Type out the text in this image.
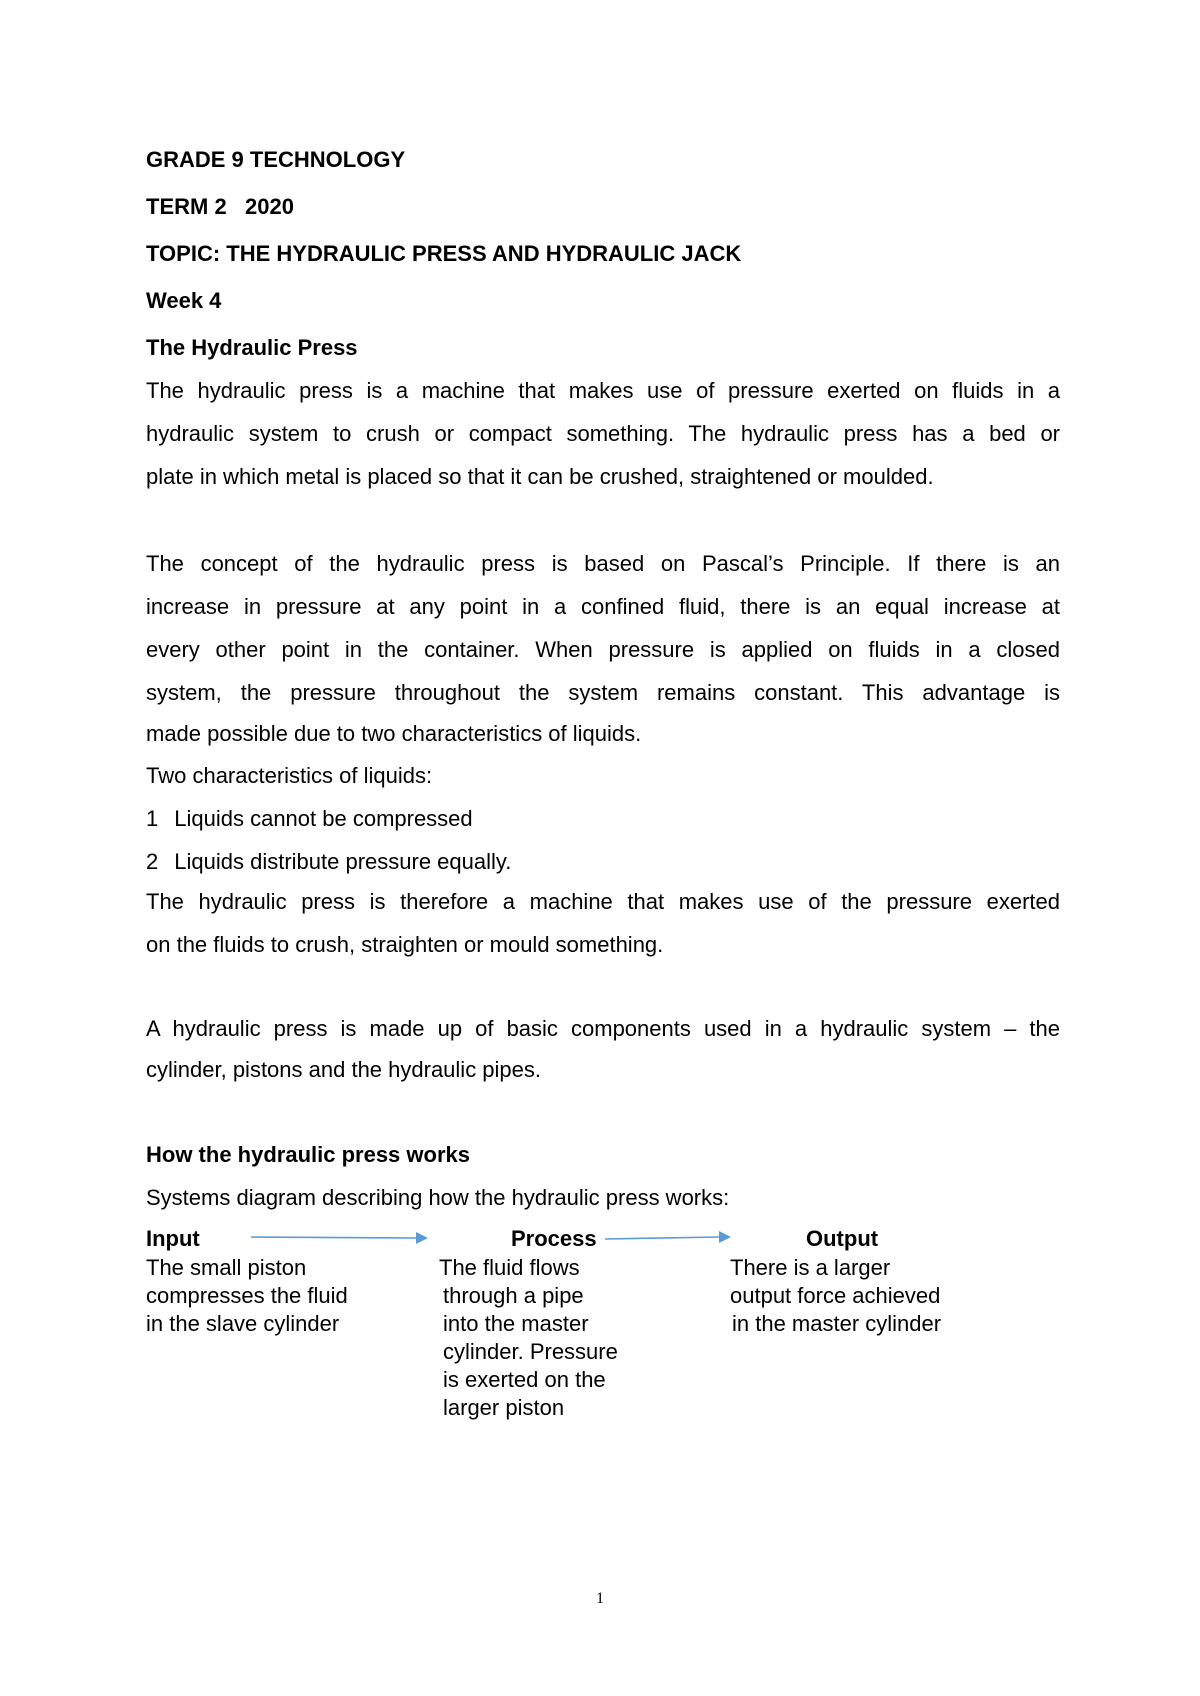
GRADE 9 TECHNOLOGY
TERM 2   2020
TOPIC: THE HYDRAULIC PRESS AND HYDRAULIC JACK
Week 4
The Hydraulic Press
The hydraulic press is a machine that makes use of pressure exerted on fluids in a
hydraulic system to crush or compact something. The hydraulic press has a bed or
plate in which metal is placed so that it can be crushed, straightened or moulded.
The concept of the hydraulic press is based on Pascal’s Principle. If there is an
increase in pressure at any point in a confined fluid, there is an equal increase at
every other point in the container. When pressure is applied on fluids in a closed
system, the pressure throughout the system remains constant. This advantage is
made possible due to two characteristics of liquids.
Two characteristics of liquids:
1 Liquids cannot be compressed
2 Liquids distribute pressure equally.
The hydraulic press is therefore a machine that makes use of the pressure exerted
on the fluids to crush, straighten or mould something.
A hydraulic press is made up of basic components used in a hydraulic system – the
cylinder, pistons and the hydraulic pipes.
How the hydraulic press works
Systems diagram describing how the hydraulic press works:
Input	Process	Output
The small piston
compresses the fluid
in the slave cylinder
The fluid flows
through a pipe
into the master
cylinder. Pressure
is exerted on the
larger piston
There is a larger
output force achieved
in the master cylinder
1
